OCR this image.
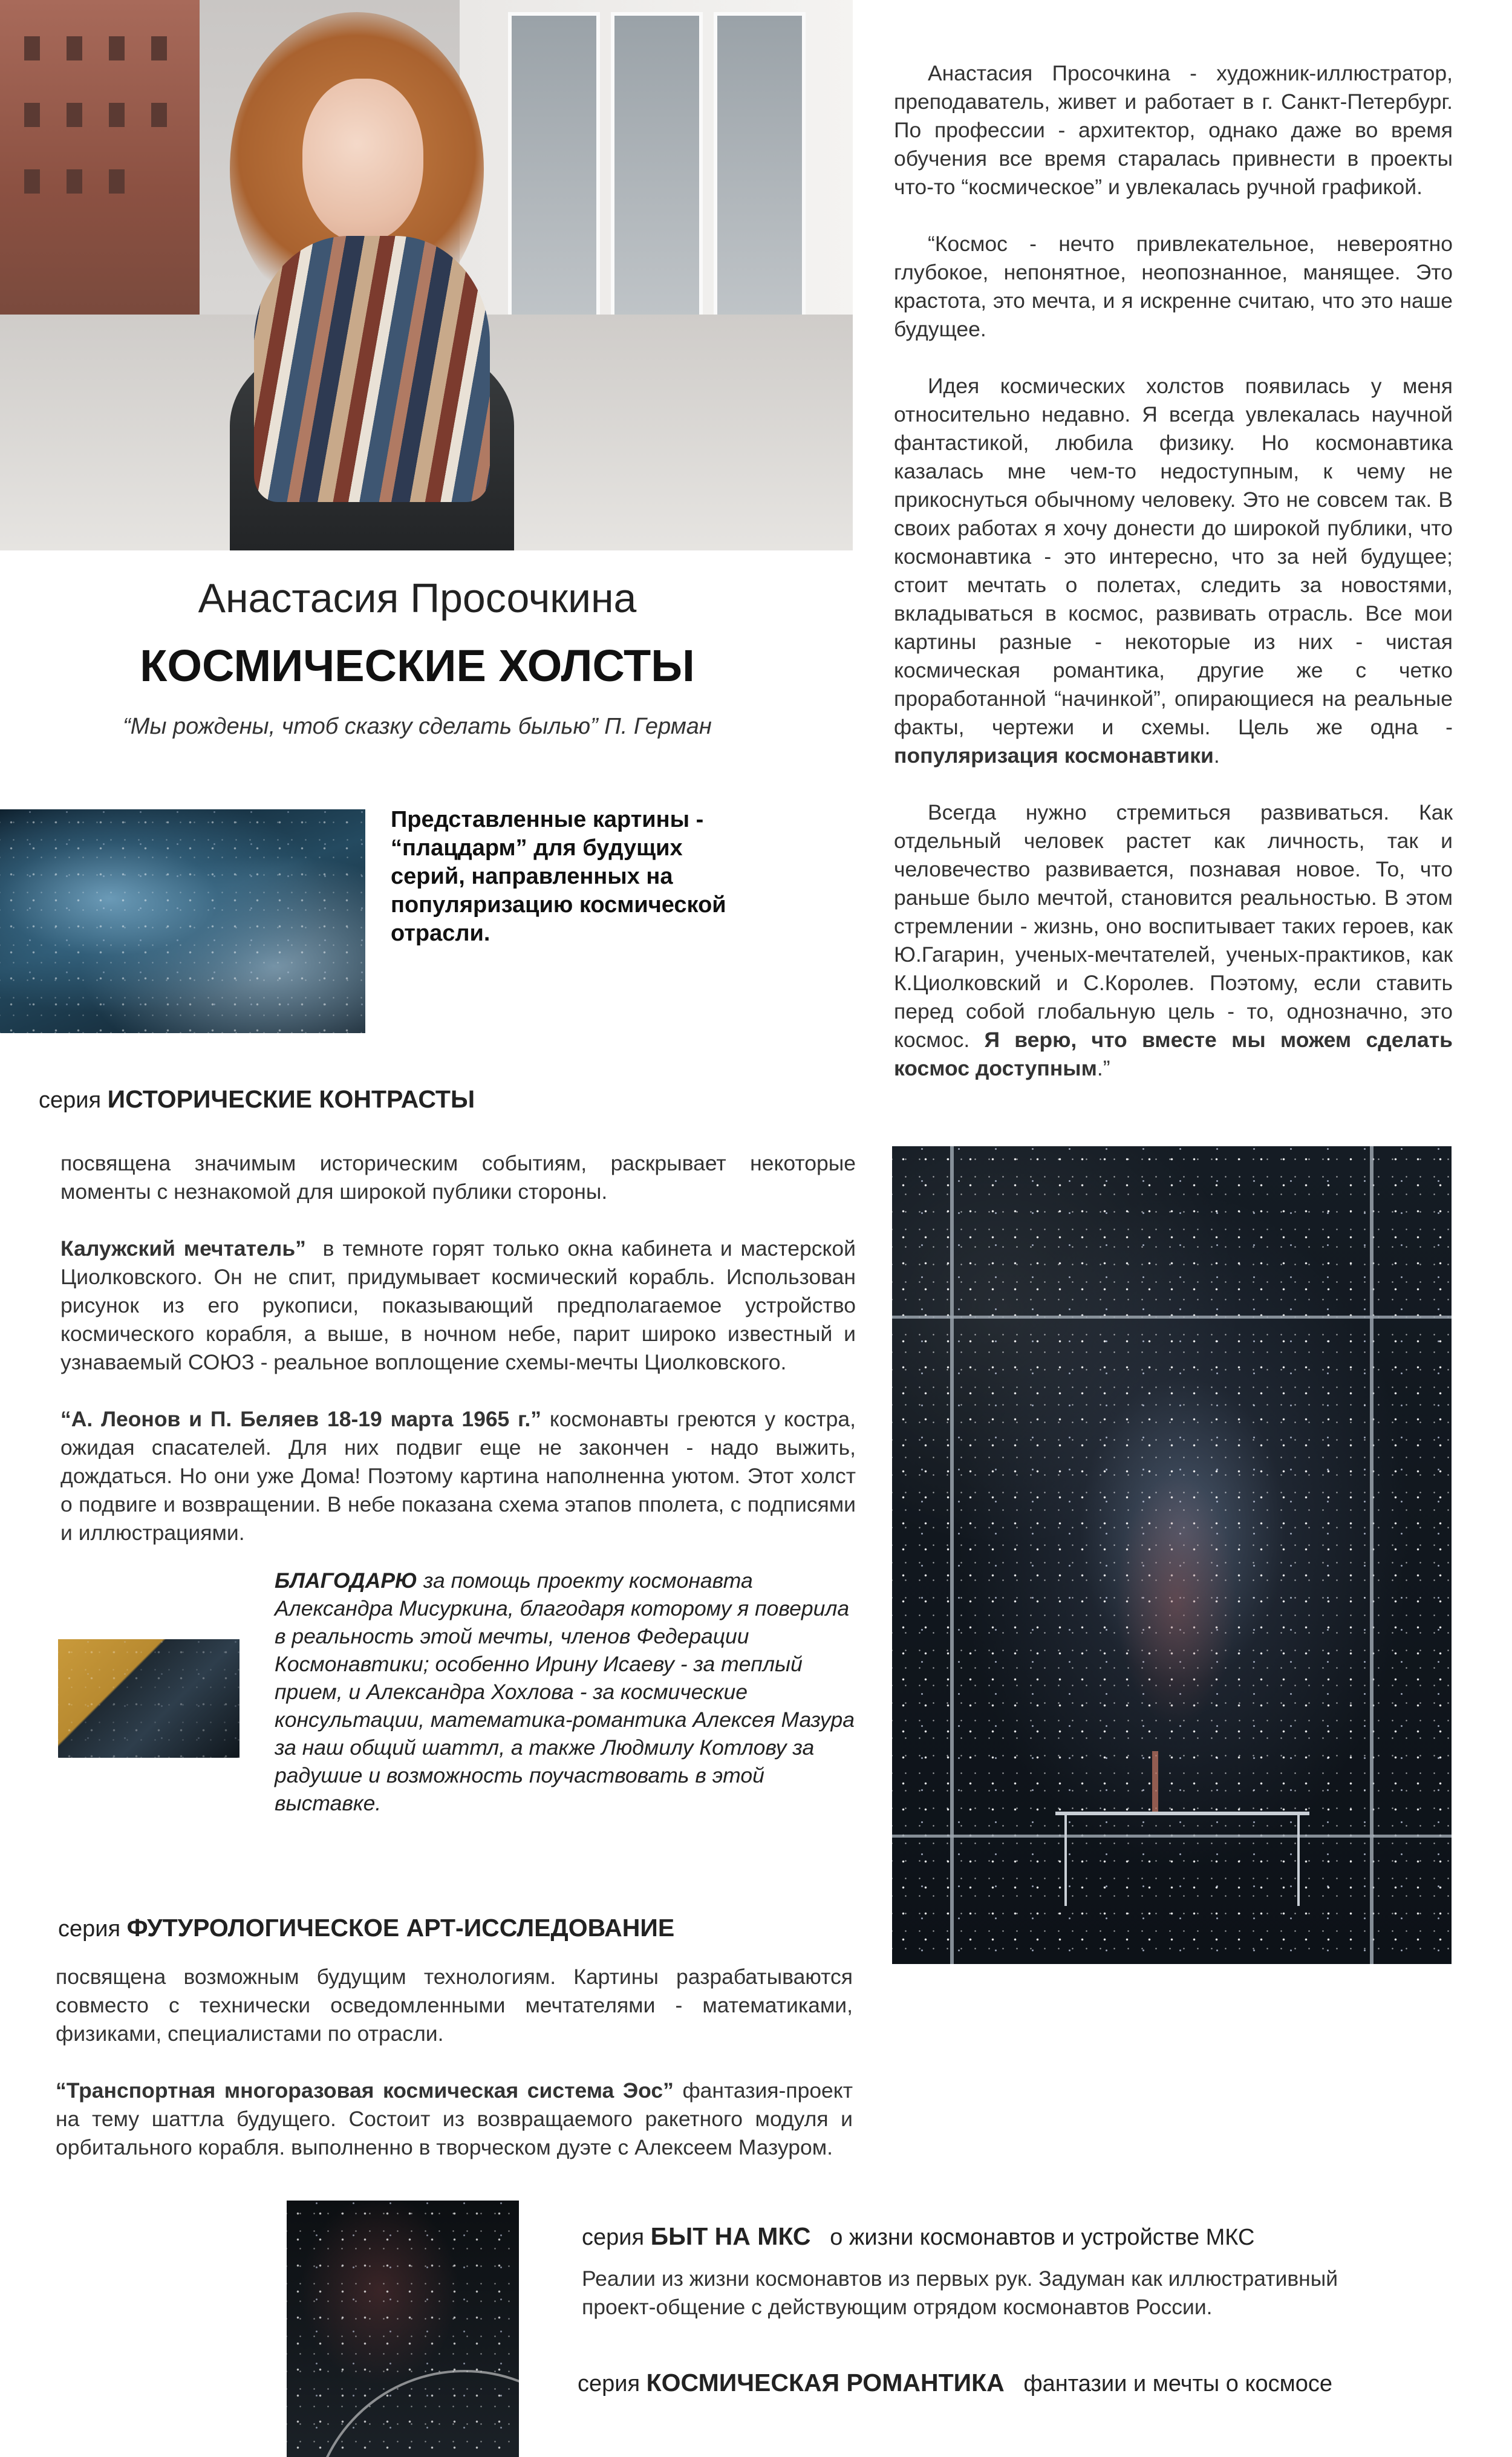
Анастасия Просочкина
КОСМИЧЕСКИЕ ХОЛСТЫ
“Мы рождены, чтоб сказку сделать былью” П. Герман

Анастасия Просочкина - художник-иллюстратор, преподаватель, живет и работает в г. Санкт-Петербург. По профессии - архитектор, однако даже во время обучения все время старалась привнести в проекты что-то “космическое” и увлекалась ручной графикой.

“Космос - нечто привлекательное, невероятно глубокое, непонятное, неопознанное, манящее. Это крастота, это мечта, и я искренне считаю, что это наше будущее.

Идея космических холстов появилась у меня относительно недавно. Я всегда увлекалась научной фантастикой, любила физику. Но космонавтика казалась мне чем-то недоступным, к чему не прикоснуться обычному человеку. Это не совсем так. В своих работах я хочу донести до широкой публики, что космонавтика - это интересно, что за ней будущее; стоит мечтать о полетах, следить за новостями, вкладываться в космос, развивать отрасль. Все мои картины разные - некоторые из них - чистая космическая романтика, другие же с четко проработанной “начинкой”, опирающиеся на реальные факты, чертежи и схемы. Цель же одна - популяризация космонавтики.

Всегда нужно стремиться развиваться. Как отдельный человек растет как личность, так и человечество развивается, познавая новое. То, что раньше было мечтой, становится реальностью. В этом стремлении - жизнь, оно воспитывает таких героев, как Ю.Гагарин, ученых-мечтателей, ученых-практиков, как К.Циолковский и С.Королев. Поэтому, если ставить перед собой глобальную цель - то, однозначно, это космос. Я верю, что вместе мы можем сделать космос доступным.”

Представленные картины - “плацдарм” для будущих серий, направленных на популяризацию космической отрасли.
серия ИСТОРИЧЕСКИЕ КОНТРАСТЫ

посвящена значимым историческим событиям, раскрывает некоторые моменты с незнакомой для широкой публики стороны.

Калужский мечтатель” в темноте горят только окна кабинета и мастерской Циолковского. Он не спит, придумывает космический корабль. Использован рисунок из его рукописи, показывающий предполагаемое устройство космического корабля, а выше, в ночном небе, парит широко известный и узнаваемый СОЮЗ - реальное воплощение схемы-мечты Циолковского.

“А. Леонов и П. Беляев 18-19 марта 1965 г.” космонавты греются у костра, ожидая спасателей. Для них подвиг еще не закончен - надо выжить, дождаться. Но они уже Дома! Поэтому картина наполненна уютом. Этот холст о подвиге и возвращении. В небе показана схема этапов пполета, с подписями и иллюстрациями.

БЛАГОДАРЮ за помощь проекту космонавта Александра Мисуркина, благодаря которому я поверила в реальность этой мечты, членов Федерации Космонавтики; особенно Ирину Исаеву - за теплый прием, и Александра Хохлова - за космические консультации, математика-романтика Алексея Мазура за наш общий шаттл, а также Людмилу Котлову за радушие и возможность поучаствовать в этой выставке.
серия ФУТУРОЛОГИЧЕСКОЕ АРТ-ИССЛЕДОВАНИЕ

посвящена возможным будущим технологиям. Картины разрабатываются совместо с технически осведомленными мечтателями - математиками, физиками, специалистами по отрасли.

“Транспортная многоразовая космическая система Эос” фантазия-проект на тему шаттла будущего. Состоит из возвращаемого ракетного модуля и орбитального корабля. выполненно в творческом дуэте с Алексеем Мазуром.

серия БЫТ НА МКС о жизни космонавтов и устройстве МКС
Реалии из жизни космонавтов из первых рук. Задуман как иллюстративный проект-общение с действующим отрядом космонавтов России.
серия КОСМИЧЕСКАЯ РОМАНТИКА фантазии и мечты о космосе
